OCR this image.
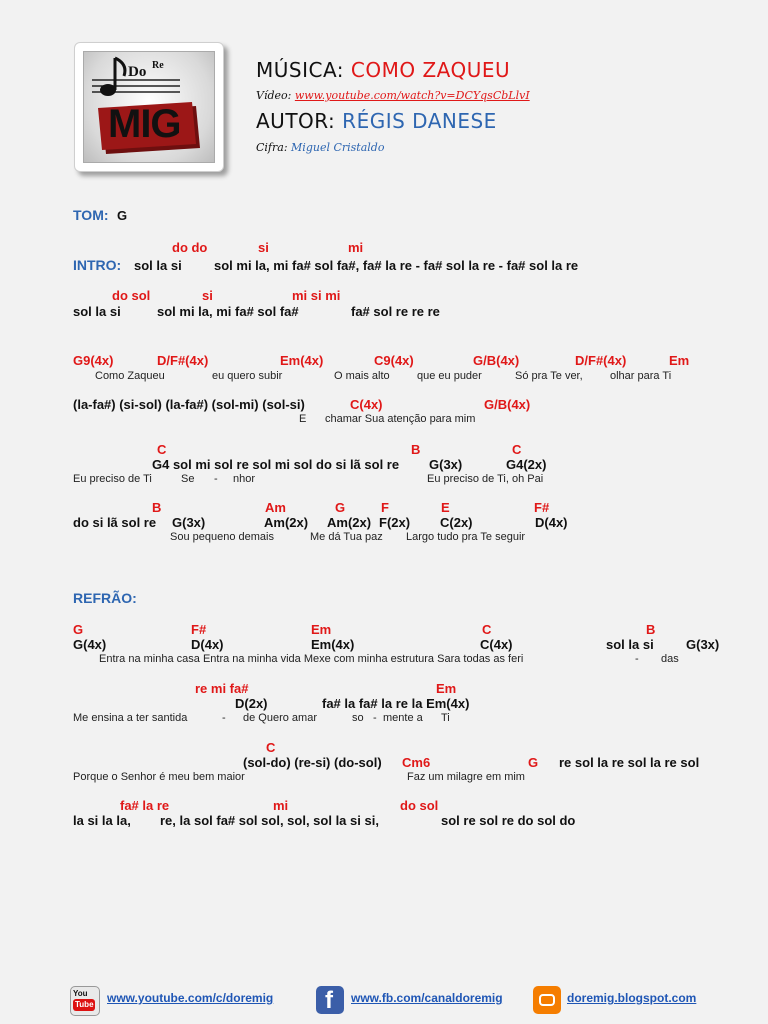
Do Re
MIG
MÚSICA: COMO ZAQUEU
Vídeo: www.youtube.com/watch?v=DCYqsCbLlvI
AUTOR: RÉGIS DANESE
Cifra: Miguel Cristaldo
TOM: G
do do	si	mi
INTRO: sol la si sol mi la, mi fa# sol fa#, fa# la re - fa# sol la re - fa# sol la re
do sol	si	mi si mi
sol la si	sol mi la, mi fa# sol fa#	fa# sol re re re
G9(4x)	D/F#(4x)	Em(4x)	C9(4x)	G/B(4x)	D/F#(4x)	Em
Como Zaqueu	eu quero subir	O mais alto que eu puder	Só pra Te ver, olhar para Ti
(la-fa#) (si-sol) (la-fa#) (sol-mi) (sol-si)	C(4x)	G/B(4x)
E chamar Sua atenção para mim
C	B	C
G4 sol mi sol re sol mi sol do si lã sol re G(3x)	G4(2x)
Eu preciso de Ti	Se - nhor	Eu preciso de Ti, oh Pai
B	Am	G	F	E	F#
do si lã sol re G(3x)	Am(2x) Am(2x) F(2x) C(2x)	D(4x)
Sou pequeno demais	Me dá Tua paz Largo tudo pra Te seguir
REFRÃO:
G	F#	Em	C	B
G(4x)	D(4x)	Em(4x)	C(4x)	sol la si G(3x)
Entra na minha casa Entra na minha vida Mexe com minha estrutura Sara todas as feri	- das
re mi fa#	Em
D(2x)	fa# la fa# la re la Em(4x)
Me ensina a ter santida	- de Quero amar	so - mente a Ti
C
(sol-do) (re-si) (do-sol) Cm6	G re sol la re sol la re sol
Porque o Senhor é meu bem maior	Faz um milagre em mim
fa# la re	mi	do sol
la si la la, re, la sol fa# sol sol, sol, sol la si si,	sol re sol re do sol do
You
Tube www.youtube.com/c/doremig f www.fb.com/canaldoremig	doremig.blogspot.com
